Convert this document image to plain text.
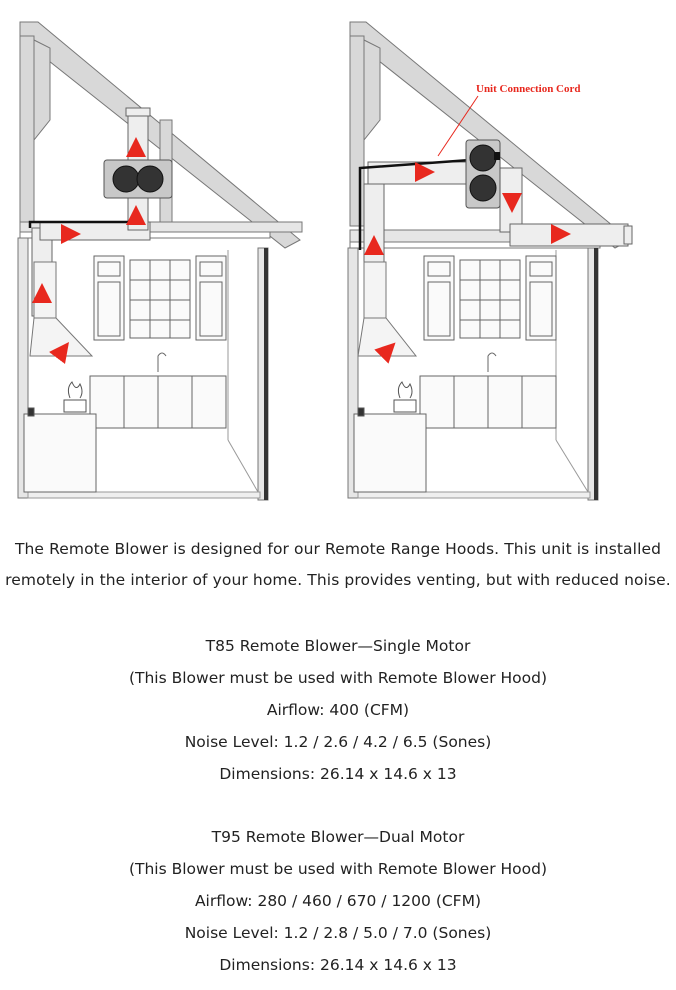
Unit Connection Cord
The Remote Blower is designed for our Remote Range Hoods. This unit is installed
remotely in the interior of your home. This provides venting, but with reduced noise.
T85 Remote Blower—Single Motor
(This Blower must be used with Remote Blower Hood)
Airflow: 400 (CFM)
Noise Level: 1.2 / 2.6 / 4.2 / 6.5 (Sones)
Dimensions: 26.14 x 14.6 x 13
T95 Remote Blower—Dual Motor
(This Blower must be used with Remote Blower Hood)
Airflow: 280 / 460 / 670 / 1200 (CFM)
Noise Level: 1.2 / 2.8 / 5.0 / 7.0 (Sones)
Dimensions: 26.14 x 14.6 x 13
